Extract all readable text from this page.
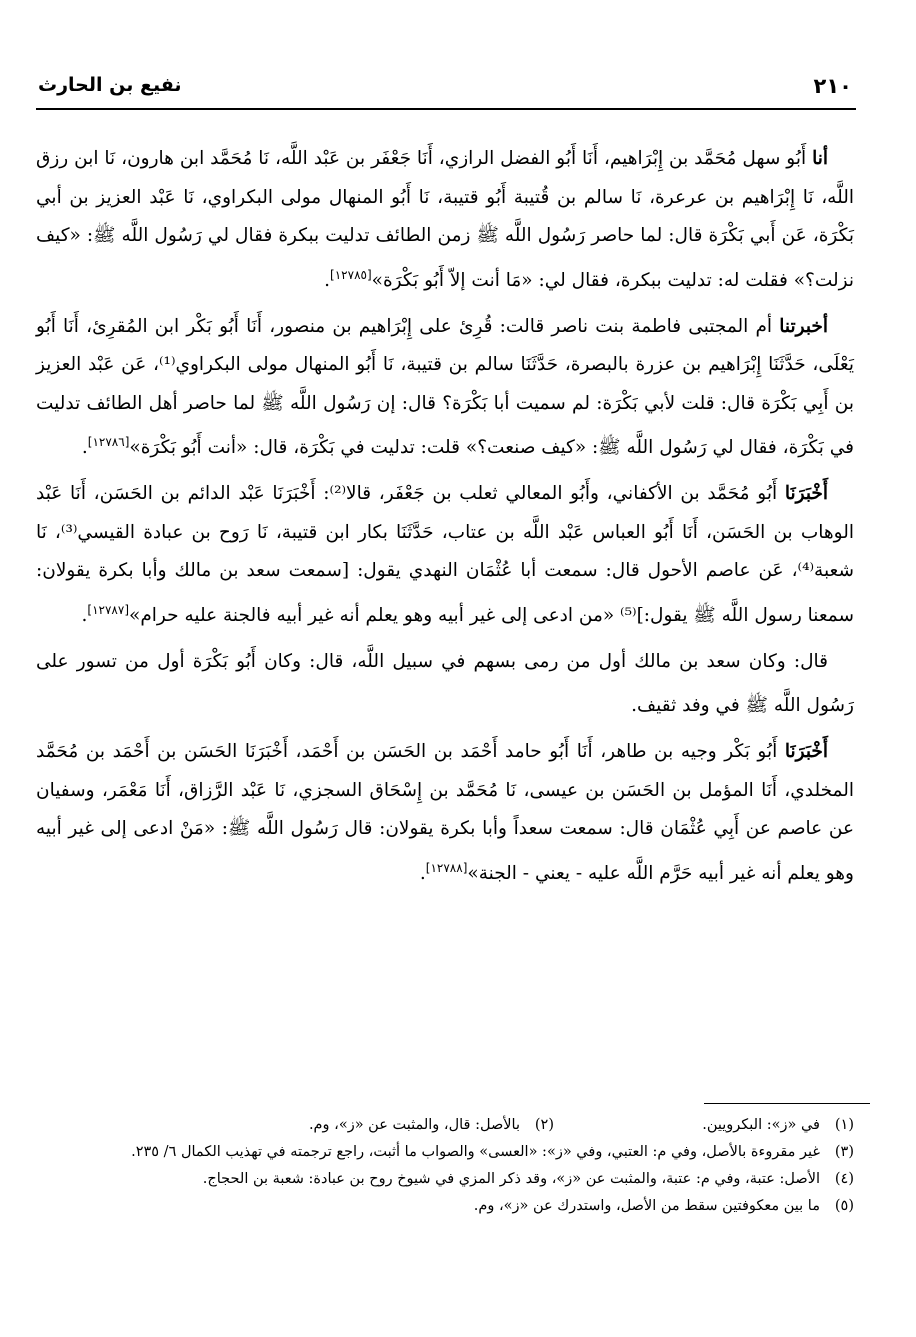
٢١٠
نفيع بن الحارث

أنا أَبُو سهل مُحَمَّد بن إِبْرَاهيم، أَنَا أَبُو الفضل الرازي، أَنَا جَعْفَر بن عَبْد اللَّه، نَا مُحَمَّد ابن هارون، نَا ابن رزق اللَّه، نَا إِبْرَاهيم بن عرعرة، نَا سالم بن قُتيبة أَبُو قتيبة، نَا أَبُو المنهال مولى البكراوي، نَا عَبْد العزيز بن أبي بَكْرَة، عَن أَبي بَكْرَة قال: لما حاصر رَسُول اللَّه ﷺ زمن الطائف تدليت ببكرة فقال لي رَسُول اللَّه ﷺ: «كيف نزلت؟» فقلت له: تدليت ببكرة، فقال لي: «مَا أنت إلاّ أَبُو بَكْرَة»[١٢٧٨٥].

أخبرتنا أم المجتبى فاطمة بنت ناصر قالت: قُرِئ على إِبْرَاهيم بن منصور، أَنَا أَبُو بَكْر ابن المُقرِئ، أَنَا أَبُو يَعْلَى، حَدَّثَنَا إِبْرَاهيم بن عزرة بالبصرة، حَدَّثَنَا سالم بن قتيبة، نَا أَبُو المنهال مولى البكراوي⁽¹⁾، عَن عَبْد العزيز بن أَبِي بَكْرَة قال: قلت لأبي بَكْرَة: لم سميت أبا بَكْرَة؟ قال: إن رَسُول اللَّه ﷺ لما حاصر أهل الطائف تدليت في بَكْرَة، فقال لي رَسُول اللَّه ﷺ: «كيف صنعت؟» قلت: تدليت في بَكْرَة، قال: «أنت أَبُو بَكْرَة»[١٢٧٨٦].

أَخْبَرَنَا أَبُو مُحَمَّد بن الأكفاني، وأَبُو المعالي ثعلب بن جَعْفَر، قالا⁽²⁾: أَخْبَرَنَا عَبْد الدائم بن الحَسَن، أَنَا عَبْد الوهاب بن الحَسَن، أَنَا أَبُو العباس عَبْد اللَّه بن عتاب، حَدَّثَنَا بكار ابن قتيبة، نَا رَوح بن عبادة القيسي⁽³⁾، نَا شعبة⁽⁴⁾، عَن عاصم الأحول قال: سمعت أبا عُثْمَان النهدي يقول: [سمعت سعد بن مالك وأبا بكرة يقولان: سمعنا رسول اللَّه ﷺ يقول:]⁽⁵⁾ «من ادعى إلى غير أبيه وهو يعلم أنه غير أبيه فالجنة عليه حرام»[١٢٧٨٧].

قال: وكان سعد بن مالك أول من رمى بسهم في سبيل اللَّه، قال: وكان أَبُو بَكْرَة أول من تسور على رَسُول اللَّه ﷺ في وفد ثقيف.

أَخْبَرَنَا أَبُو بَكْر وجيه بن طاهر، أَنَا أَبُو حامد أَحْمَد بن الحَسَن بن أَحْمَد، أَخْبَرَنَا الحَسَن بن أَحْمَد بن مُحَمَّد المخلدي، أَنَا المؤمل بن الحَسَن بن عيسى، نَا مُحَمَّد بن إِسْحَاق السجزي، نَا عَبْد الرَّزاق، أَنَا مَعْمَر، وسفيان عن عاصم عن أَبِي عُثْمَان قال: سمعت سعداً وأبا بكرة يقولان: قال رَسُول اللَّه ﷺ: «مَنْ ادعى إلى غير أبيه وهو يعلم أنه غير أبيه حَرَّم اللَّه عليه - يعني - الجنة»[١٢٧٨٨].

(١)
في «ز»: البكرويين.
(٢)
بالأصل: قال، والمثبت عن «ز»، وم.
(٣)
غير مقروءة بالأصل، وفي م: العتبي، وفي «ز»: «العسى» والصواب ما أثبت، راجع ترجمته في تهذيب الكمال ٦/ ٢٣٥.
(٤)
الأصل: عتبة، وفي م: عتبة، والمثبت عن «ز»، وقد ذكر المزي في شيوخ روح بن عبادة: شعبة بن الحجاج.
(٥)
ما بين معكوفتين سقط من الأصل، واستدرك عن «ز»، وم.
